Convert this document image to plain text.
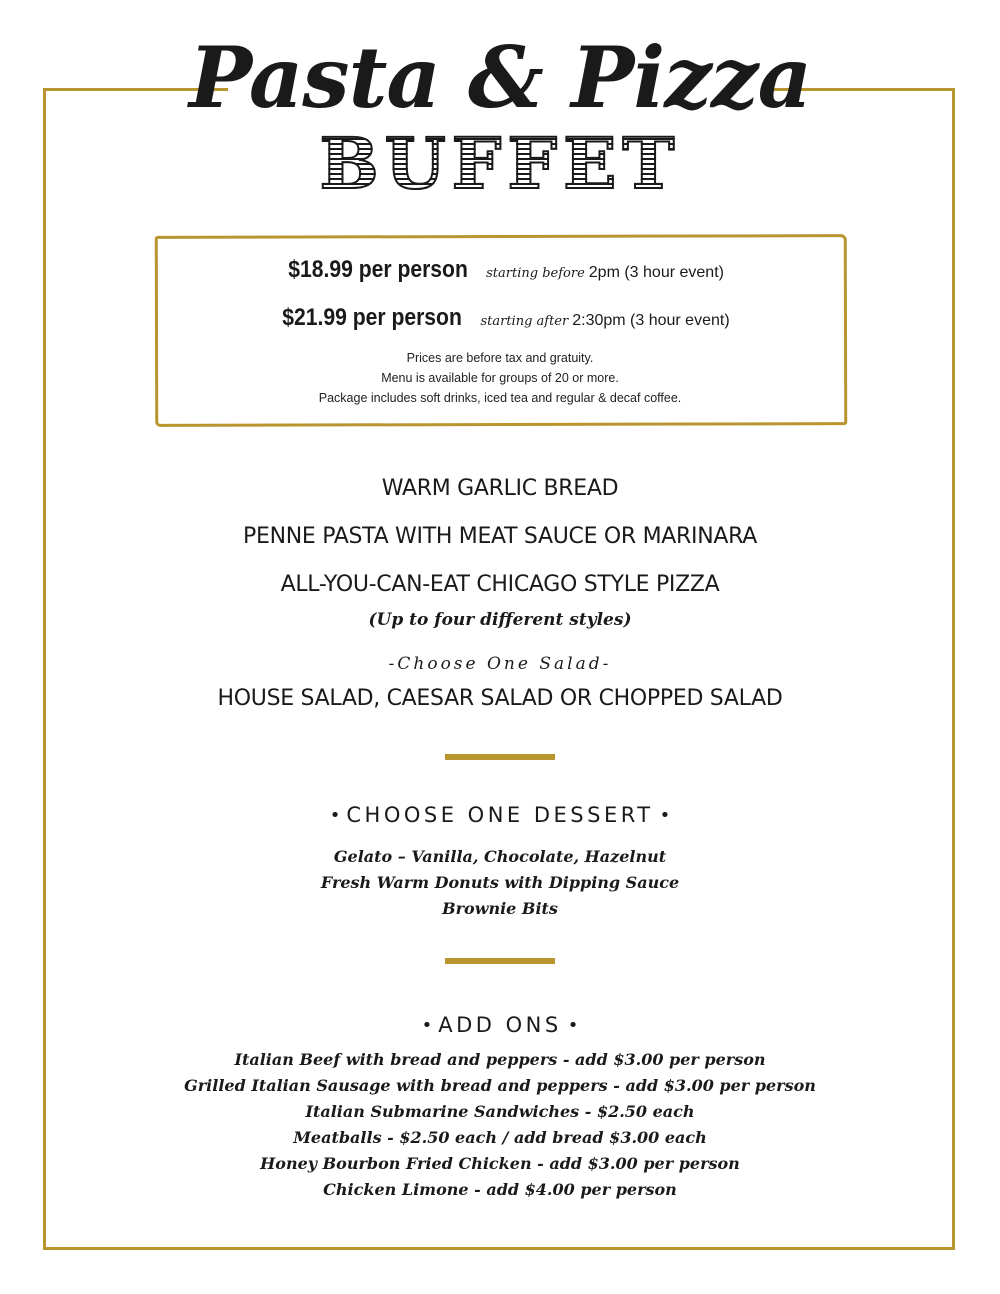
Pasta & Pizza
BUFFET
$18.99 per person starting before 2pm (3 hour event)
$21.99 per person starting after 2:30pm (3 hour event)
Prices are before tax and gratuity.
Menu is available for groups of 20 or more.
Package includes soft drinks, iced tea and regular & decaf coffee.
WARM GARLIC BREAD
PENNE PASTA WITH MEAT SAUCE OR MARINARA
ALL-YOU-CAN-EAT CHICAGO STYLE PIZZA
(Up to four different styles)
-Choose One Salad-
HOUSE SALAD, CAESAR SALAD OR CHOPPED SALAD
• CHOOSE ONE DESSERT •
Gelato – Vanilla, Chocolate, Hazelnut
Fresh Warm Donuts with Dipping Sauce
Brownie Bits
• ADD ONS •
Italian Beef with bread and peppers - add $3.00 per person
Grilled Italian Sausage with bread and peppers - add $3.00 per person
Italian Submarine Sandwiches - $2.50 each
Meatballs - $2.50 each / add bread $3.00 each
Honey Bourbon Fried Chicken - add $3.00 per person
Chicken Limone - add $4.00 per person
